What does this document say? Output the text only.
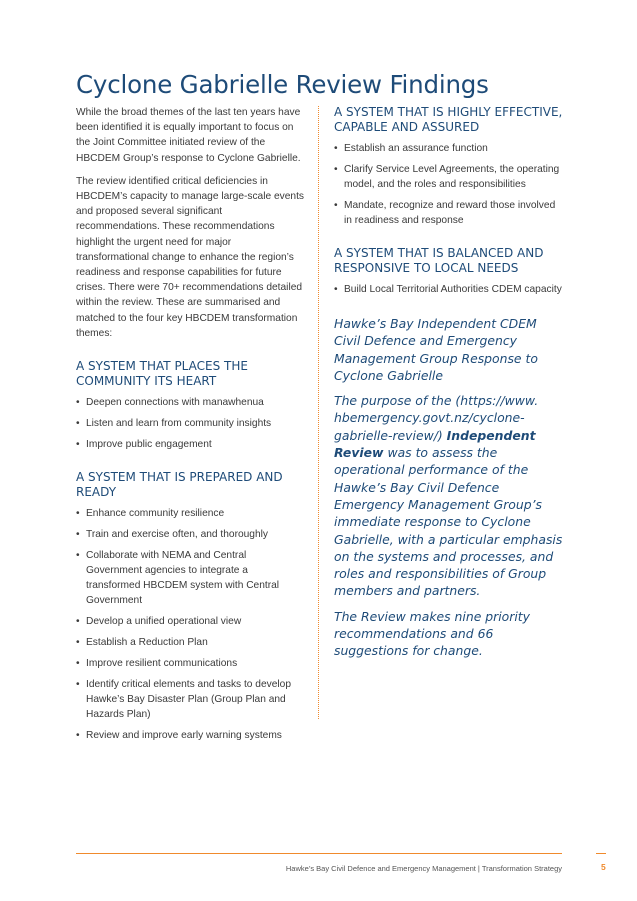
Cyclone Gabrielle Review Findings

While the broad themes of the last ten years have been identified it is equally important to focus on the Joint Committee initiated review of the HBCDEM Group’s response to Cyclone Gabrielle.

The review identified critical deficiencies in HBCDEM’s capacity to manage large-scale events and proposed several significant recommendations. These recommendations highlight the urgent need for major transformational change to enhance the region’s readiness and response capabilities for future crises. There were 70+ recommendations detailed within the review. These are summarised and matched to the four key HBCDEM transformation themes:

A SYSTEM THAT PLACES THE COMMUNITY ITS HEART
• Deepen connections with manawhenua
• Listen and learn from community insights
• Improve public engagement
A SYSTEM THAT IS PREPARED AND READY
• Enhance community resilience
• Train and exercise often, and thoroughly
• Collaborate with NEMA and Central Government agencies to integrate a transformed HBCDEM system with Central Government
• Develop a unified operational view
• Establish a Reduction Plan
• Improve resilient communications
• Identify critical elements and tasks to develop Hawke’s Bay Disaster Plan (Group Plan and Hazards Plan)
• Review and improve early warning systems
A SYSTEM THAT IS HIGHLY EFFECTIVE, CAPABLE AND ASSURED
• Establish an assurance function
• Clarify Service Level Agreements, the operating model, and the roles and responsibilities
• Mandate, recognize and reward those involved in readiness and response
A SYSTEM THAT IS BALANCED AND RESPONSIVE TO LOCAL NEEDS
• Build Local Territorial Authorities CDEM capacity

Hawke’s Bay Independent CDEM Civil Defence and Emergency Management Group Response to Cyclone Gabrielle

The purpose of the (https://www. hbemergency.govt.nz/cyclone-gabrielle-review/) Independent Review was to assess the operational performance of the Hawke’s Bay Civil Defence Emergency Management Group’s immediate response to Cyclone Gabrielle, with a particular emphasis on the systems and processes, and roles and responsibilities of Group members and partners.

The Review makes nine priority recommendations and 66 suggestions for change.

Hawke’s Bay Civil Defence and Emergency Management | Transformation Strategy	5
